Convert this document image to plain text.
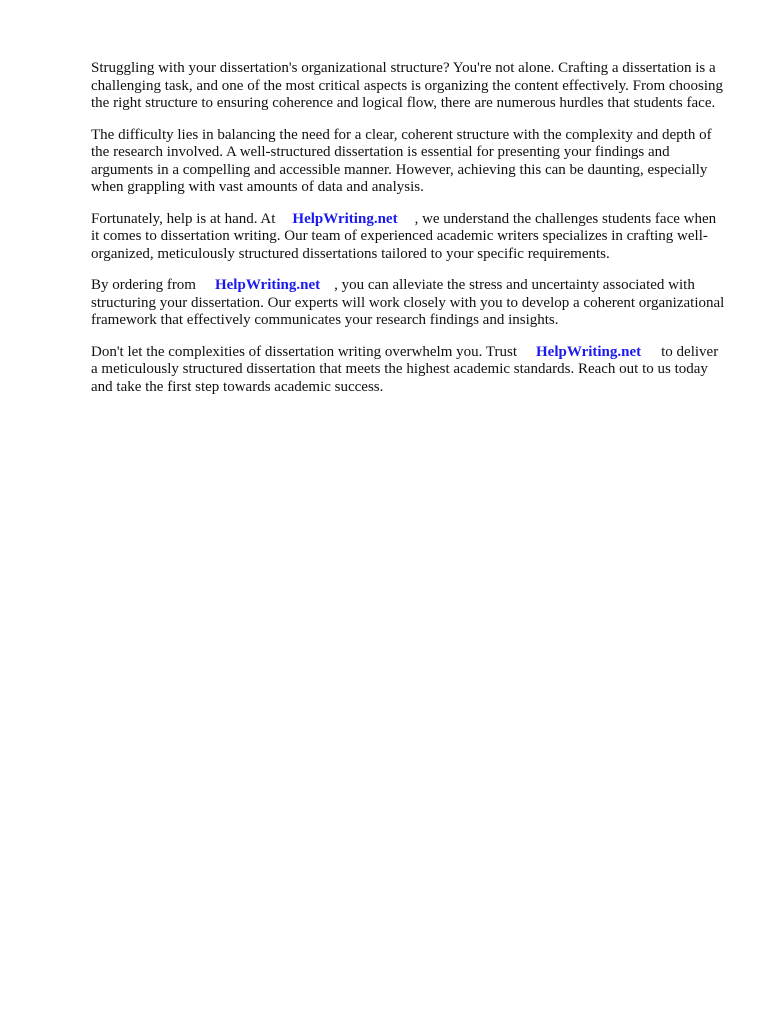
Struggling with your dissertation's organizational structure? You're not alone. Crafting a dissertation is a challenging task, and one of the most critical aspects is organizing the content effectively. From choosing the right structure to ensuring coherence and logical flow, there are numerous hurdles that students face.

The difficulty lies in balancing the need for a clear, coherent structure with the complexity and depth of the research involved. A well-structured dissertation is essential for presenting your findings and arguments in a compelling and accessible manner. However, achieving this can be daunting, especially when grappling with vast amounts of data and analysis.

Fortunately, help is at hand. At HelpWriting.net , we understand the challenges students face when it comes to dissertation writing. Our team of experienced academic writers specializes in crafting well-organized, meticulously structured dissertations tailored to your specific requirements.

By ordering from HelpWriting.net , you can alleviate the stress and uncertainty associated with structuring your dissertation. Our experts will work closely with you to develop a coherent organizational framework that effectively communicates your research findings and insights.

Don't let the complexities of dissertation writing overwhelm you. Trust HelpWriting.net to deliver a meticulously structured dissertation that meets the highest academic standards. Reach out to us today and take the first step towards academic success.
